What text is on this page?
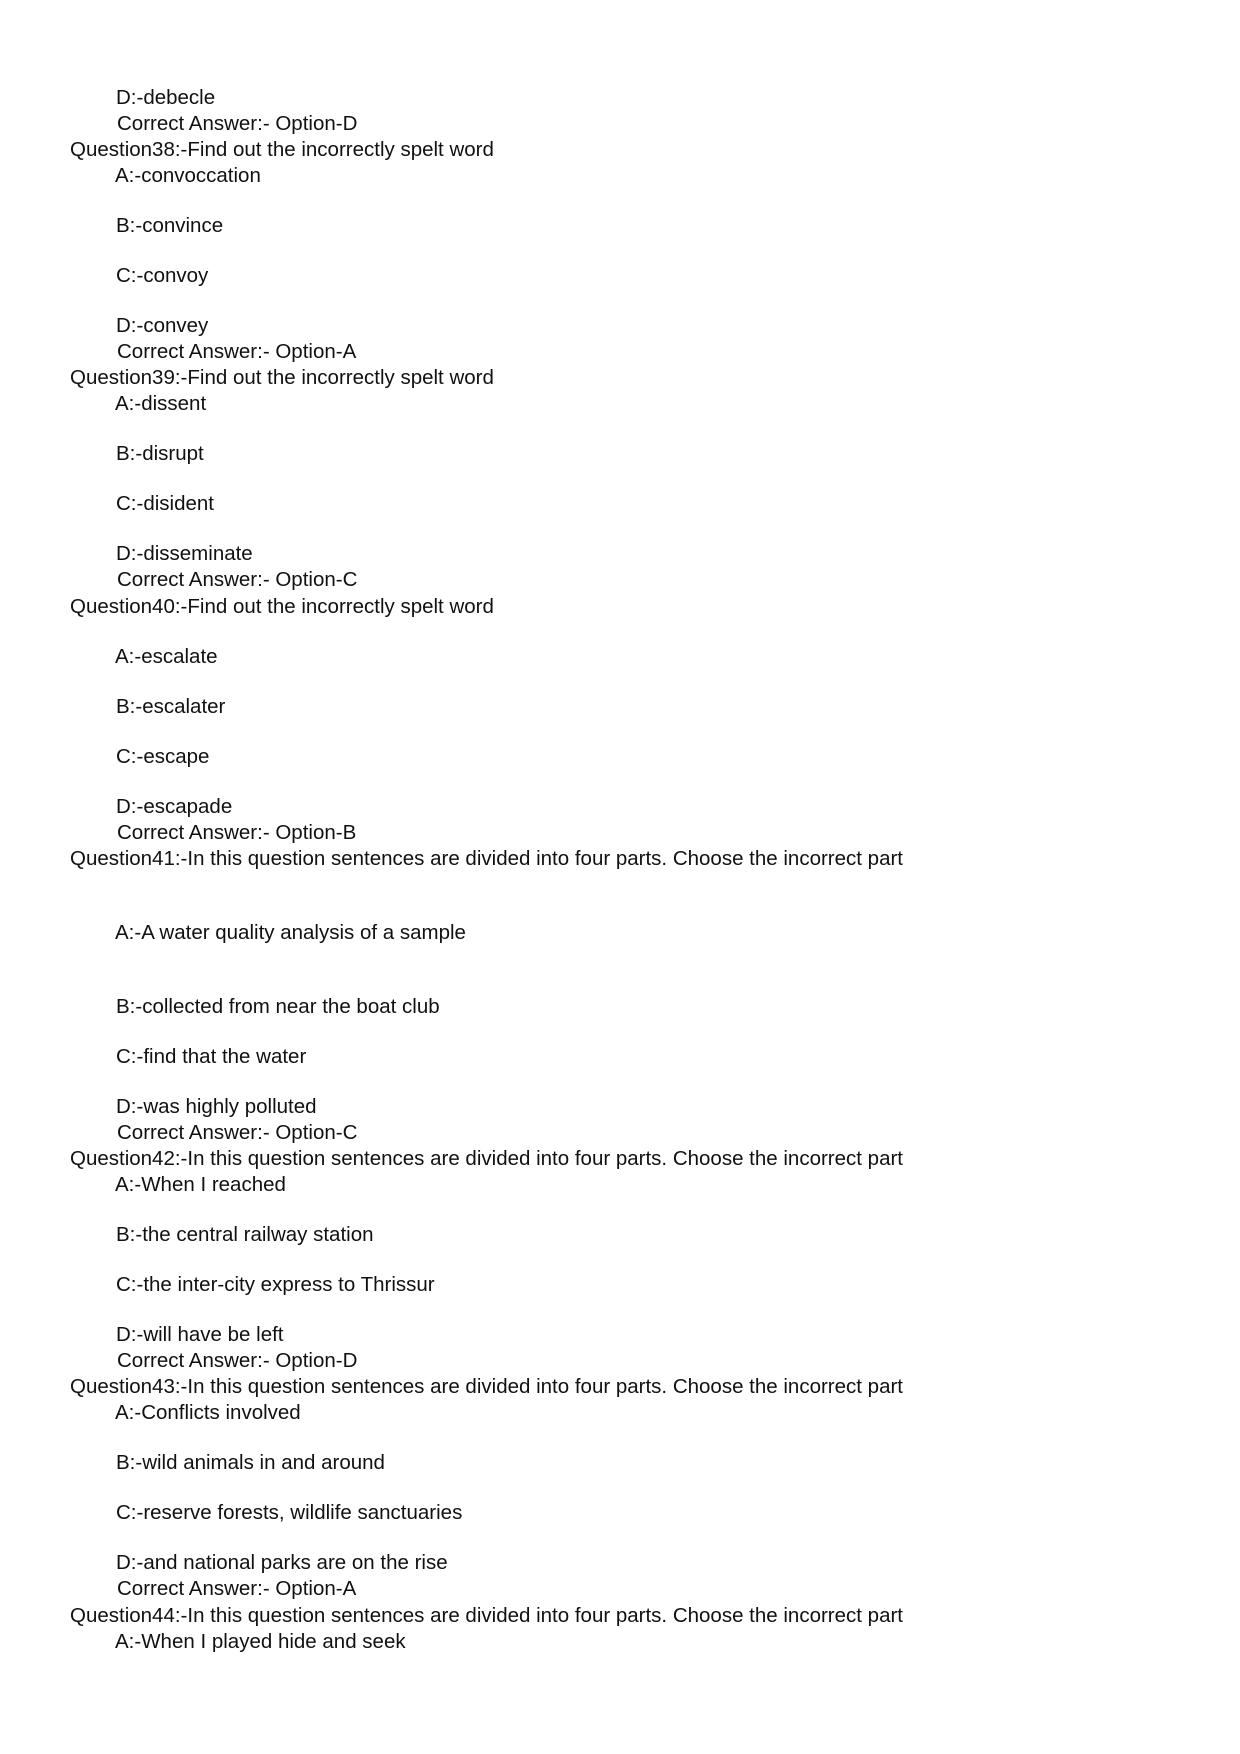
D:-debecle
Correct Answer:- Option-D
Question38:-Find out the incorrectly spelt word
A:-convoccation
B:-convince
C:-convoy
D:-convey
Correct Answer:- Option-A
Question39:-Find out the incorrectly spelt word
A:-dissent
B:-disrupt
C:-disident
D:-disseminate
Correct Answer:- Option-C
Question40:-Find out the incorrectly spelt word
A:-escalate
B:-escalater
C:-escape
D:-escapade
Correct Answer:- Option-B
Question41:-In this question sentences are divided into four parts. Choose the incorrect part
A:-A water quality analysis of a sample
B:-collected from near the boat club
C:-find that the water
D:-was highly polluted
Correct Answer:- Option-C
Question42:-In this question sentences are divided into four parts. Choose the incorrect part
A:-When I reached
B:-the central railway station
C:-the inter-city express to Thrissur
D:-will have be left
Correct Answer:- Option-D
Question43:-In this question sentences are divided into four parts. Choose the incorrect part
A:-Conflicts involved
B:-wild animals in and around
C:-reserve forests, wildlife sanctuaries
D:-and national parks are on the rise
Correct Answer:- Option-A
Question44:-In this question sentences are divided into four parts. Choose the incorrect part
A:-When I played hide and seek
